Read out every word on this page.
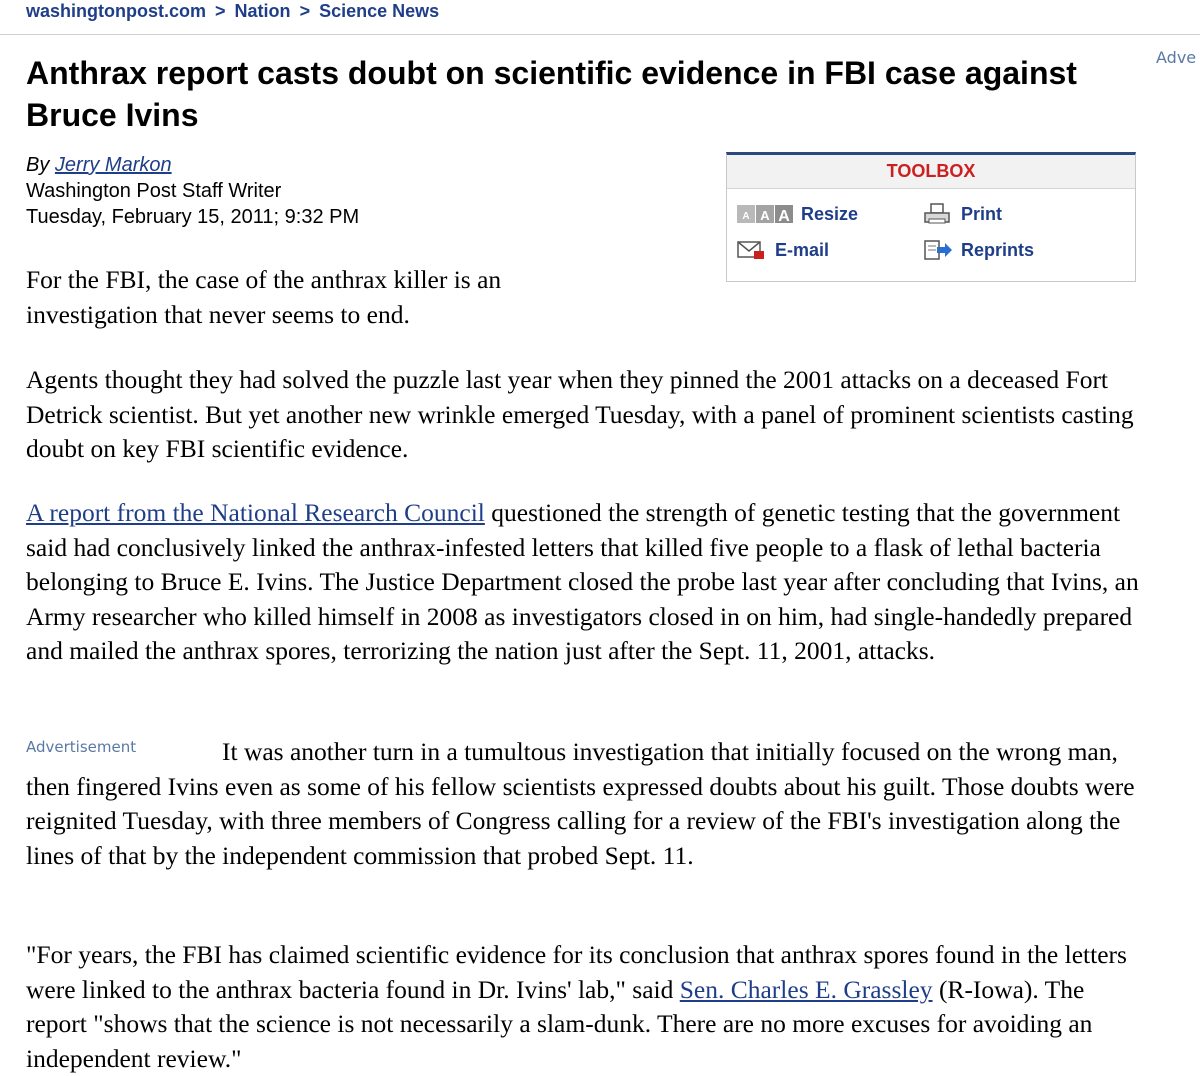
washingtonpost.com > Nation > Science News
Adve
Anthrax report casts doubt on scientific evidence in FBI case against Bruce Ivins
By Jerry Markon
Washington Post Staff Writer
Tuesday, February 15, 2011; 9:32 PM
TOOLBOX
A A A Resize	Print
E-mail	Reprints

For the FBI, the case of the anthrax killer is an investigation that never seems to end.

Agents thought they had solved the puzzle last year when they pinned the 2001 attacks on a deceased Fort Detrick scientist. But yet another new wrinkle emerged Tuesday, with a panel of prominent scientists casting doubt on key FBI scientific evidence.

A report from the National Research Council questioned the strength of genetic testing that the government said had conclusively linked the anthrax-infested letters that killed five people to a flask of lethal bacteria belonging to Bruce E. Ivins. The Justice Department closed the probe last year after concluding that Ivins, an Army researcher who killed himself in 2008 as investigators closed in on him, had single-handedly prepared and mailed the anthrax spores, terrorizing the nation just after the Sept. 11, 2001, attacks.

Advertisement	It was another turn in a tumultous investigation that initially focused on the wrong man, then fingered Ivins even as some of his fellow scientists expressed doubts about his guilt. Those doubts were reignited Tuesday, with three members of Congress calling for a review of the FBI's investigation along the lines of that by the independent commission that probed Sept. 11.

"For years, the FBI has claimed scientific evidence for its conclusion that anthrax spores found in the letters were linked to the anthrax bacteria found in Dr. Ivins' lab," said Sen. Charles E. Grassley (R-Iowa). The report "shows that the science is not necessarily a slam-dunk. There are no more excuses for avoiding an independent review."
